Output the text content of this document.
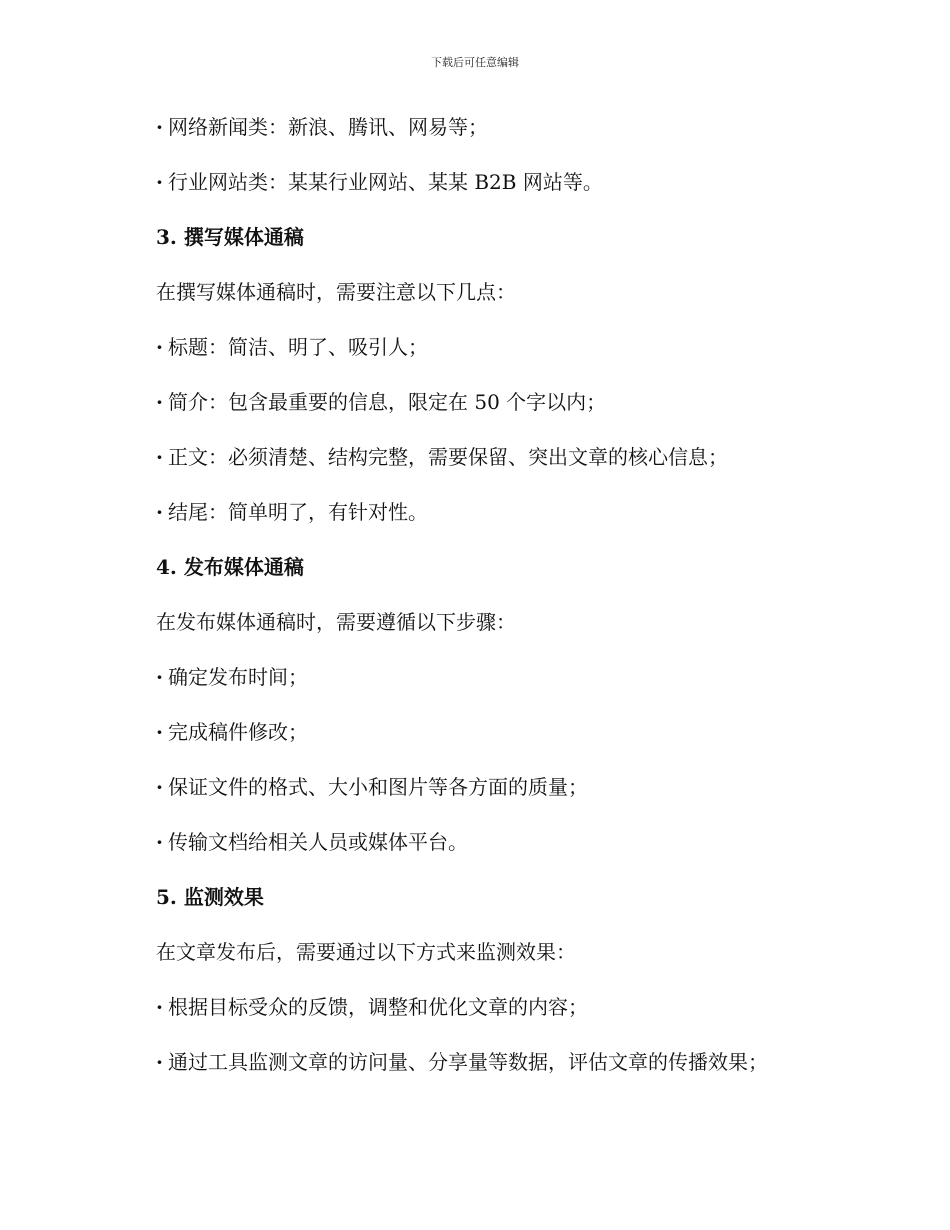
下载后可任意编辑
· 网络新闻类：新浪、腾讯、网易等；
· 行业网站类：某某行业网站、某某 B2B 网站等。
3. 撰写媒体通稿
在撰写媒体通稿时，需要注意以下几点：
· 标题：简洁、明了、吸引人；
· 简介：包含最重要的信息，限定在 50 个字以内；
· 正文：必须清楚、结构完整，需要保留、突出文章的核心信息；
· 结尾：简单明了，有针对性。
4. 发布媒体通稿
在发布媒体通稿时，需要遵循以下步骤：
· 确定发布时间；
· 完成稿件修改；
· 保证文件的格式、大小和图片等各方面的质量；
· 传输文档给相关人员或媒体平台。
5. 监测效果
在文章发布后，需要通过以下方式来监测效果：
· 根据目标受众的反馈，调整和优化文章的内容；
· 通过工具监测文章的访问量、分享量等数据，评估文章的传播效果；
